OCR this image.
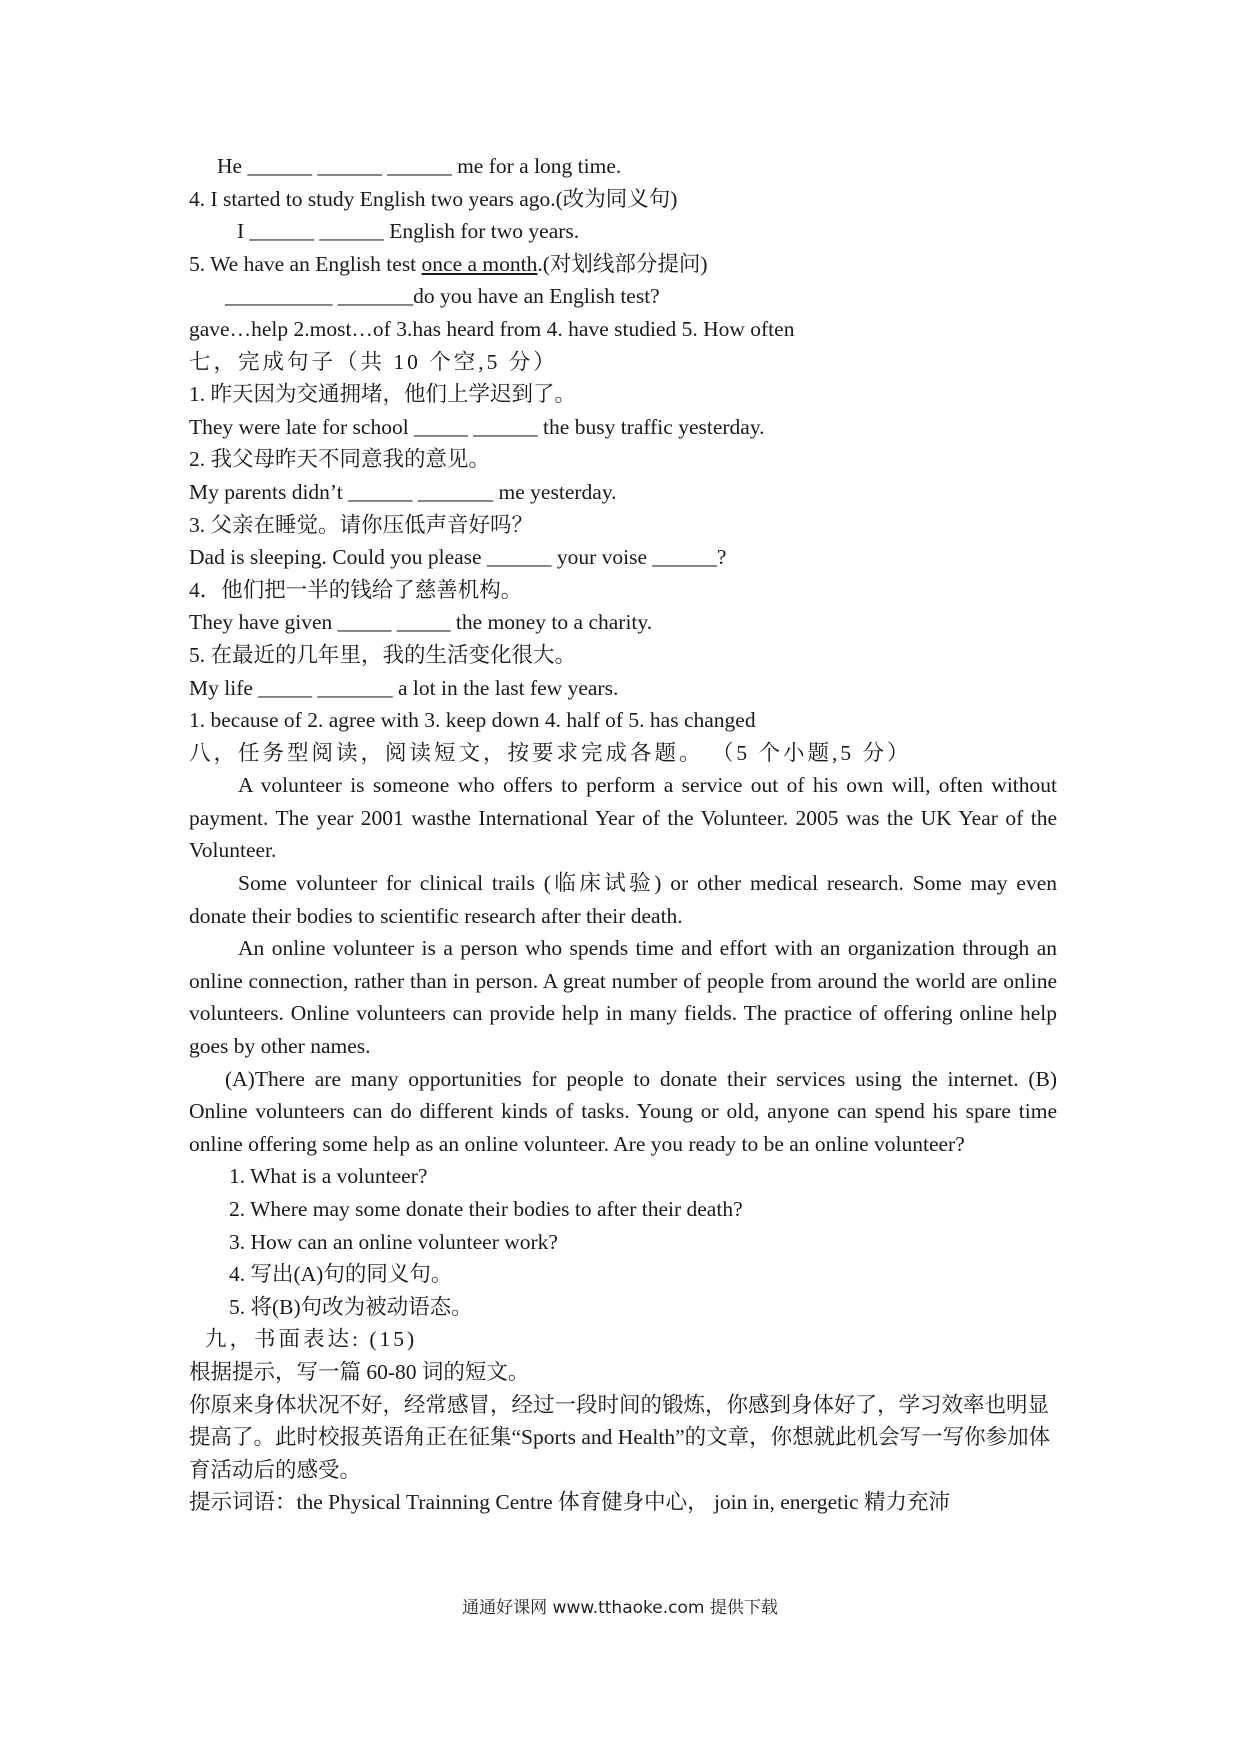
He ______ ______ ______ me for a long time.
4. I started to study English two years ago.(改为同义句)
I ______ ______ English for two years.
5. We have an English test once a month.(对划线部分提问)
__________ _______do you have an English test?
gave…help 2.most…of 3.has heard from 4. have studied 5. How often
七，完成句子（共 10 个空,5 分）
1. 昨天因为交通拥堵，他们上学迟到了。
They were late for school _____ ______ the busy traffic yesterday.
2. 我父母昨天不同意我的意见。
My parents didn’t ______ _______ me yesterday.
3. 父亲在睡觉。请你压低声音好吗？
Dad is sleeping. Could you please ______ your voise ______?
4．他们把一半的钱给了慈善机构。
They have given _____ _____ the money to a charity.
5. 在最近的几年里，我的生活变化很大。
My life _____ _______ a lot in the last few years.
1. because of 2. agree with 3. keep down 4. half of 5. has changed
八，任务型阅读，阅读短文，按要求完成各题。 （5 个小题,5 分）

A volunteer is someone who offers to perform a service out of his own will, often without payment. The year 2001 wasthe International Year of the Volunteer. 2005 was the UK Year of the Volunteer.

Some volunteer for clinical trails (临床试验) or other medical research. Some may even donate their bodies to scientific research after their death.

An online volunteer is a person who spends time and effort with an organization through an online connection, rather than in person. A great number of people from around the world are online volunteers. Online volunteers can provide help in many fields. The practice of offering online help goes by other names.

(A)There are many opportunities for people to donate their services using the internet. (B) Online volunteers can do different kinds of tasks. Young or old, anyone can spend his spare time online offering some help as an online volunteer. Are you ready to be an online volunteer?

1. What is a volunteer?
2. Where may some donate their bodies to after their death?
3. How can an online volunteer work?
4. 写出(A)句的同义句。
5. 将(B)句改为被动语态。
九，书面表达: (15)
根据提示，写一篇 60-80 词的短文。

你原来身体状况不好，经常感冒，经过一段时间的锻炼，你感到身体好了，学习效率也明显提高了。此时校报英语角正在征集“Sports and Health”的文章，你想就此机会写一写你参加体育活动后的感受。

提示词语：the Physical Trainning Centre 体育健身中心， join in, energetic 精力充沛

通通好课网 www.tthaoke.com 提供下载
